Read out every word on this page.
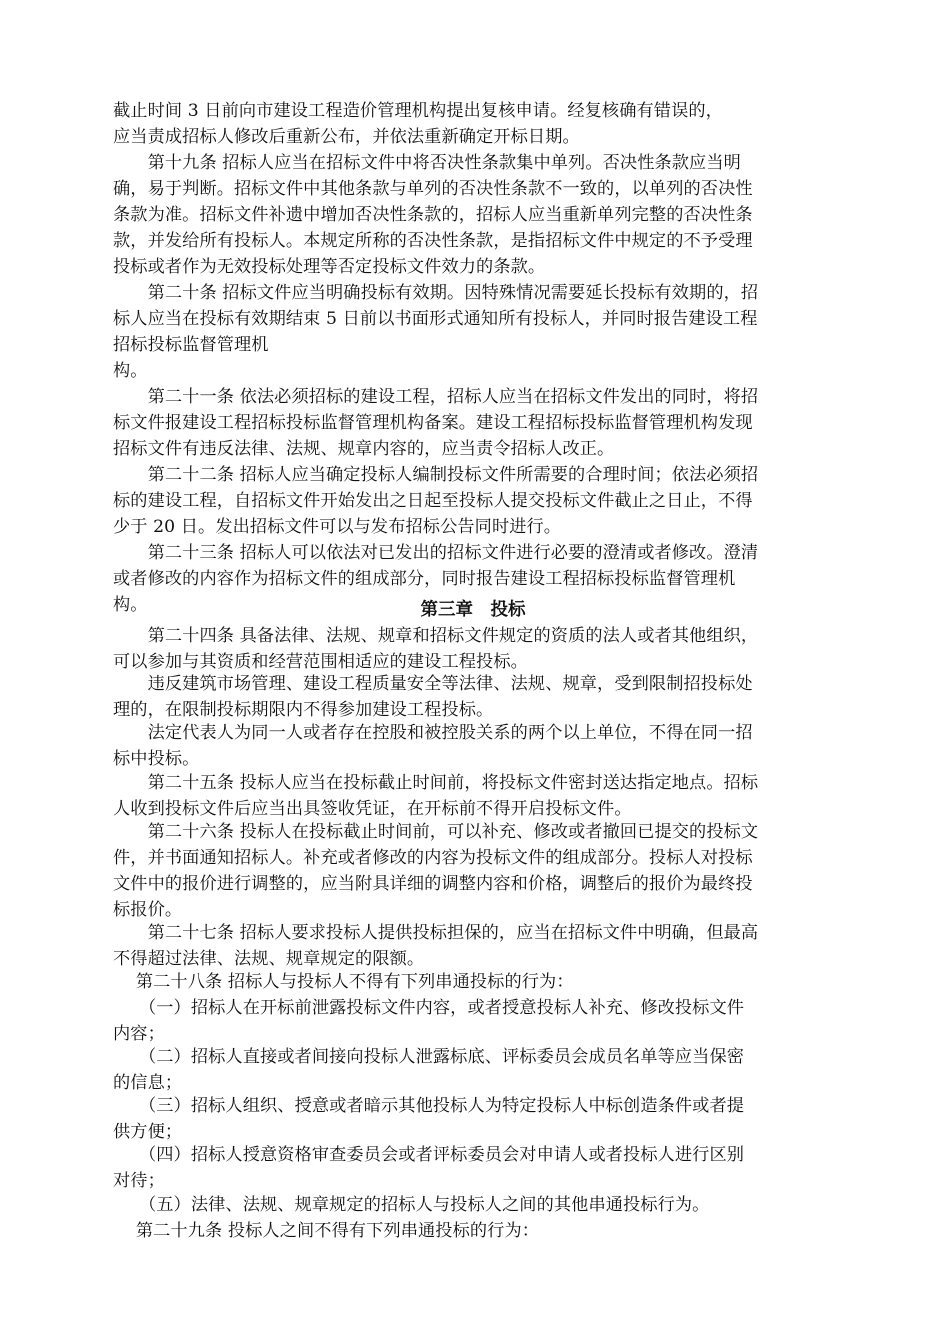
截止时间 3 日前向市建设工程造价管理机构提出复核申请。经复核确有错误的，
应当责成招标人修改后重新公布，并依法重新确定开标日期。
　　第十九条 招标人应当在招标文件中将否决性条款集中单列。否决性条款应当明
确，易于判断。招标文件中其他条款与单列的否决性条款不一致的，以单列的否决性
条款为准。招标文件补遗中增加否决性条款的，招标人应当重新单列完整的否决性条
款，并发给所有投标人。本规定所称的否决性条款，是指招标文件中规定的不予受理
投标或者作为无效投标处理等否定投标文件效力的条款。
　　第二十条 招标文件应当明确投标有效期。因特殊情况需要延长投标有效期的，招
标人应当在投标有效期结束 5 日前以书面形式通知所有投标人，并同时报告建设工程
招标投标监督管理机
构。
　　第二十一条 依法必须招标的建设工程，招标人应当在招标文件发出的同时，将招
标文件报建设工程招标投标监督管理机构备案。建设工程招标投标监督管理机构发现
招标文件有违反法律、法规、规章内容的，应当责令招标人改正。
　　第二十二条 招标人应当确定投标人编制投标文件所需要的合理时间；依法必须招
标的建设工程，自招标文件开始发出之日起至投标人提交投标文件截止之日止，不得
少于 20 日。发出招标文件可以与发布招标公告同时进行。
　　第二十三条 招标人可以依法对已发出的招标文件进行必要的澄清或者修改。澄清
或者修改的内容作为招标文件的组成部分，同时报告建设工程招标投标监督管理机
构。	第三章　投标
　　第二十四条 具备法律、法规、规章和招标文件规定的资质的法人或者其他组织，
可以参加与其资质和经营范围相适应的建设工程投标。
　　违反建筑市场管理、建设工程质量安全等法律、法规、规章，受到限制招投标处
理的，在限制投标期限内不得参加建设工程投标。
　　法定代表人为同一人或者存在控股和被控股关系的两个以上单位，不得在同一招
标中投标。
　　第二十五条 投标人应当在投标截止时间前，将投标文件密封送达指定地点。招标
人收到投标文件后应当出具签收凭证，在开标前不得开启投标文件。
　　第二十六条 投标人在投标截止时间前，可以补充、修改或者撤回已提交的投标文
件，并书面通知招标人。补充或者修改的内容为投标文件的组成部分。投标人对投标
文件中的报价进行调整的，应当附具详细的调整内容和价格，调整后的报价为最终投
标报价。
　　第二十七条 招标人要求投标人提供投标担保的，应当在招标文件中明确，但最高
不得超过法律、法规、规章规定的限额。
　 第二十八条 招标人与投标人不得有下列串通投标的行为：
　　（一）招标人在开标前泄露投标文件内容，或者授意投标人补充、修改投标文件
内容；
　　（二）招标人直接或者间接向投标人泄露标底、评标委员会成员名单等应当保密
的信息；
　　（三）招标人组织、授意或者暗示其他投标人为特定投标人中标创造条件或者提
供方便；
　　（四）招标人授意资格审查委员会或者评标委员会对申请人或者投标人进行区别
对待；
　　（五）法律、法规、规章规定的招标人与投标人之间的其他串通投标行为。
　 第二十九条 投标人之间不得有下列串通投标的行为：
